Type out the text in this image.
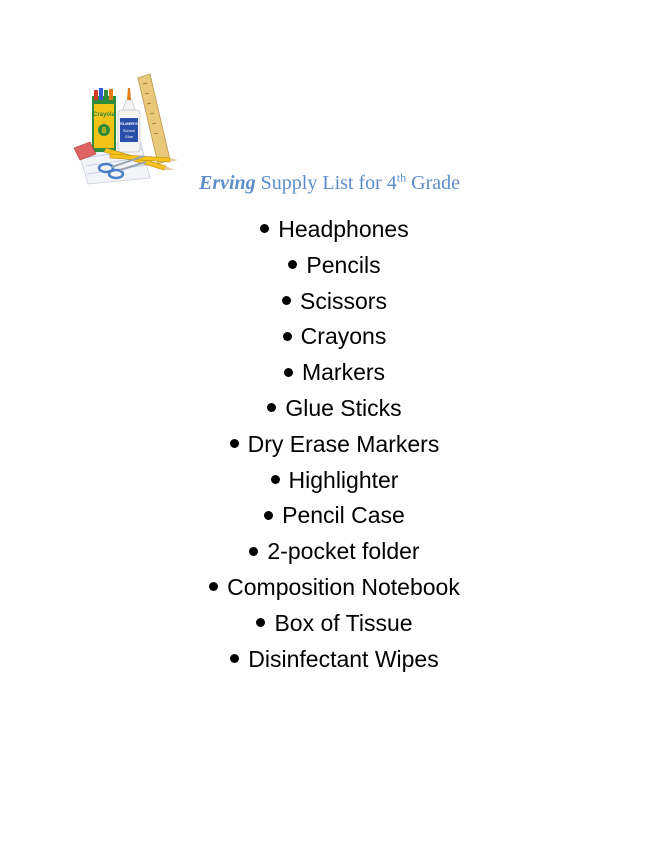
Crayola
8
ELMER'S
School
Glue
Erving Supply List for 4th Grade
Headphones
Pencils
Scissors
Crayons
Markers
Glue Sticks
Dry Erase Markers
Highlighter
Pencil Case
2-pocket folder
Composition Notebook
Box of Tissue
Disinfectant Wipes
